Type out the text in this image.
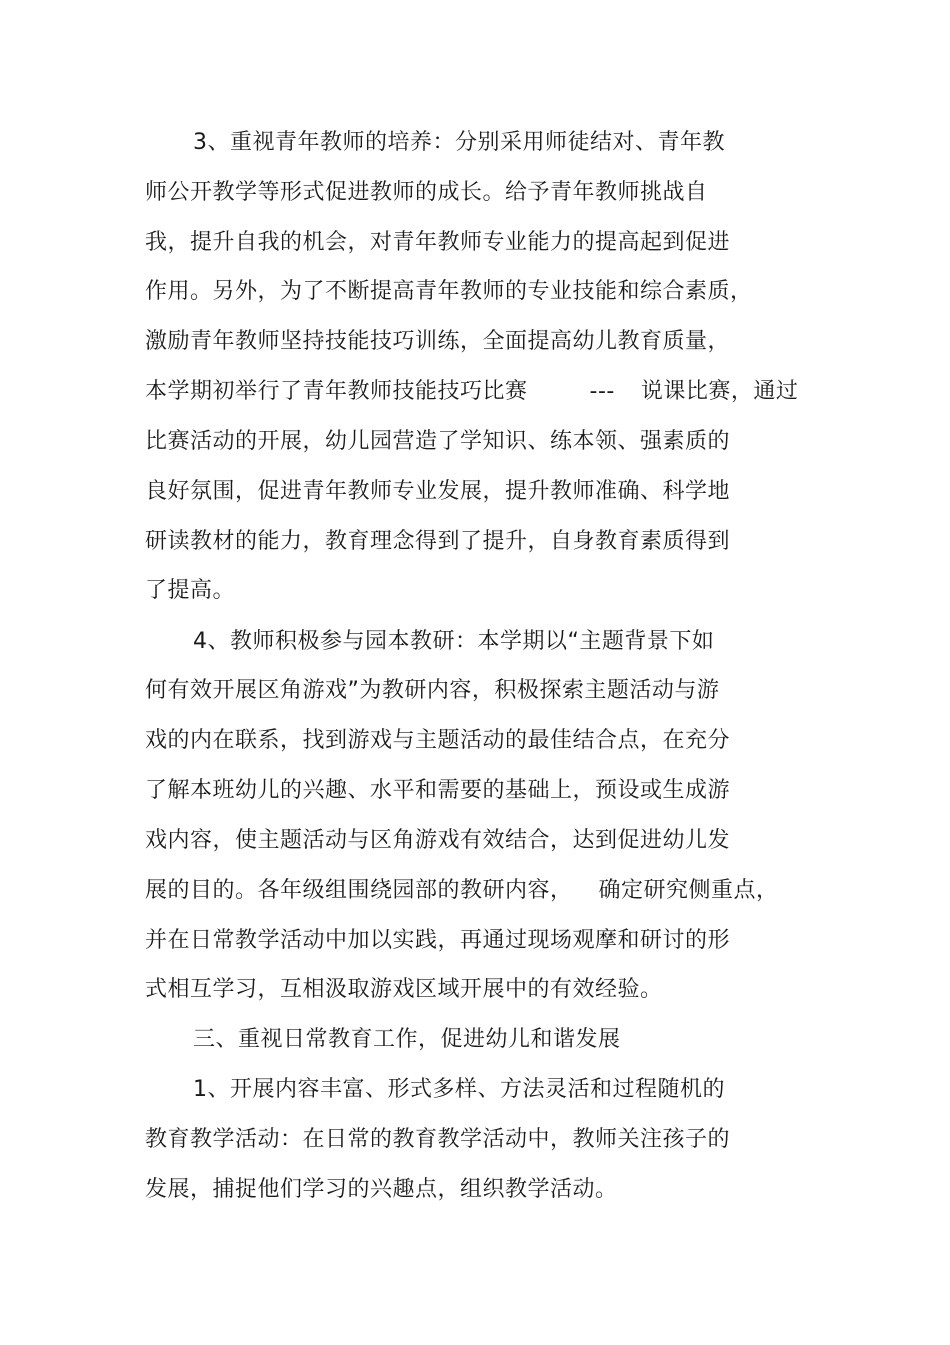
3、重视青年教师的培养：分别采用师徒结对、青年教
师公开教学等形式促进教师的成长。给予青年教师挑战自
我，提升自我的机会，对青年教师专业能力的提高起到促进
作用。另外，为了不断提高青年教师的专业技能和综合素质，
激励青年教师坚持技能技巧训练，全面提高幼儿教育质量，
本学期初举行了青年教师技能技巧比赛	--- 说课比赛，通过
比赛活动的开展，幼儿园营造了学知识、练本领、强素质的
良好氛围，促进青年教师专业发展，提升教师准确、科学地
研读教材的能力，教育理念得到了提升，自身教育素质得到
了提高。
4、教师积极参与园本教研：本学期以“主题背景下如
何有效开展区角游戏”为教研内容，积极探索主题活动与游
戏的内在联系，找到游戏与主题活动的最佳结合点，在充分
了解本班幼儿的兴趣、水平和需要的基础上，预设或生成游
戏内容，使主题活动与区角游戏有效结合，达到促进幼儿发
展的目的。各年级组围绕园部的教研内容， 确定研究侧重点，
并在日常教学活动中加以实践，再通过现场观摩和研讨的形
式相互学习，互相汲取游戏区域开展中的有效经验。
三、重视日常教育工作，促进幼儿和谐发展
1、开展内容丰富、形式多样、方法灵活和过程随机的
教育教学活动：在日常的教育教学活动中，教师关注孩子的
发展，捕捉他们学习的兴趣点，组织教学活动。
